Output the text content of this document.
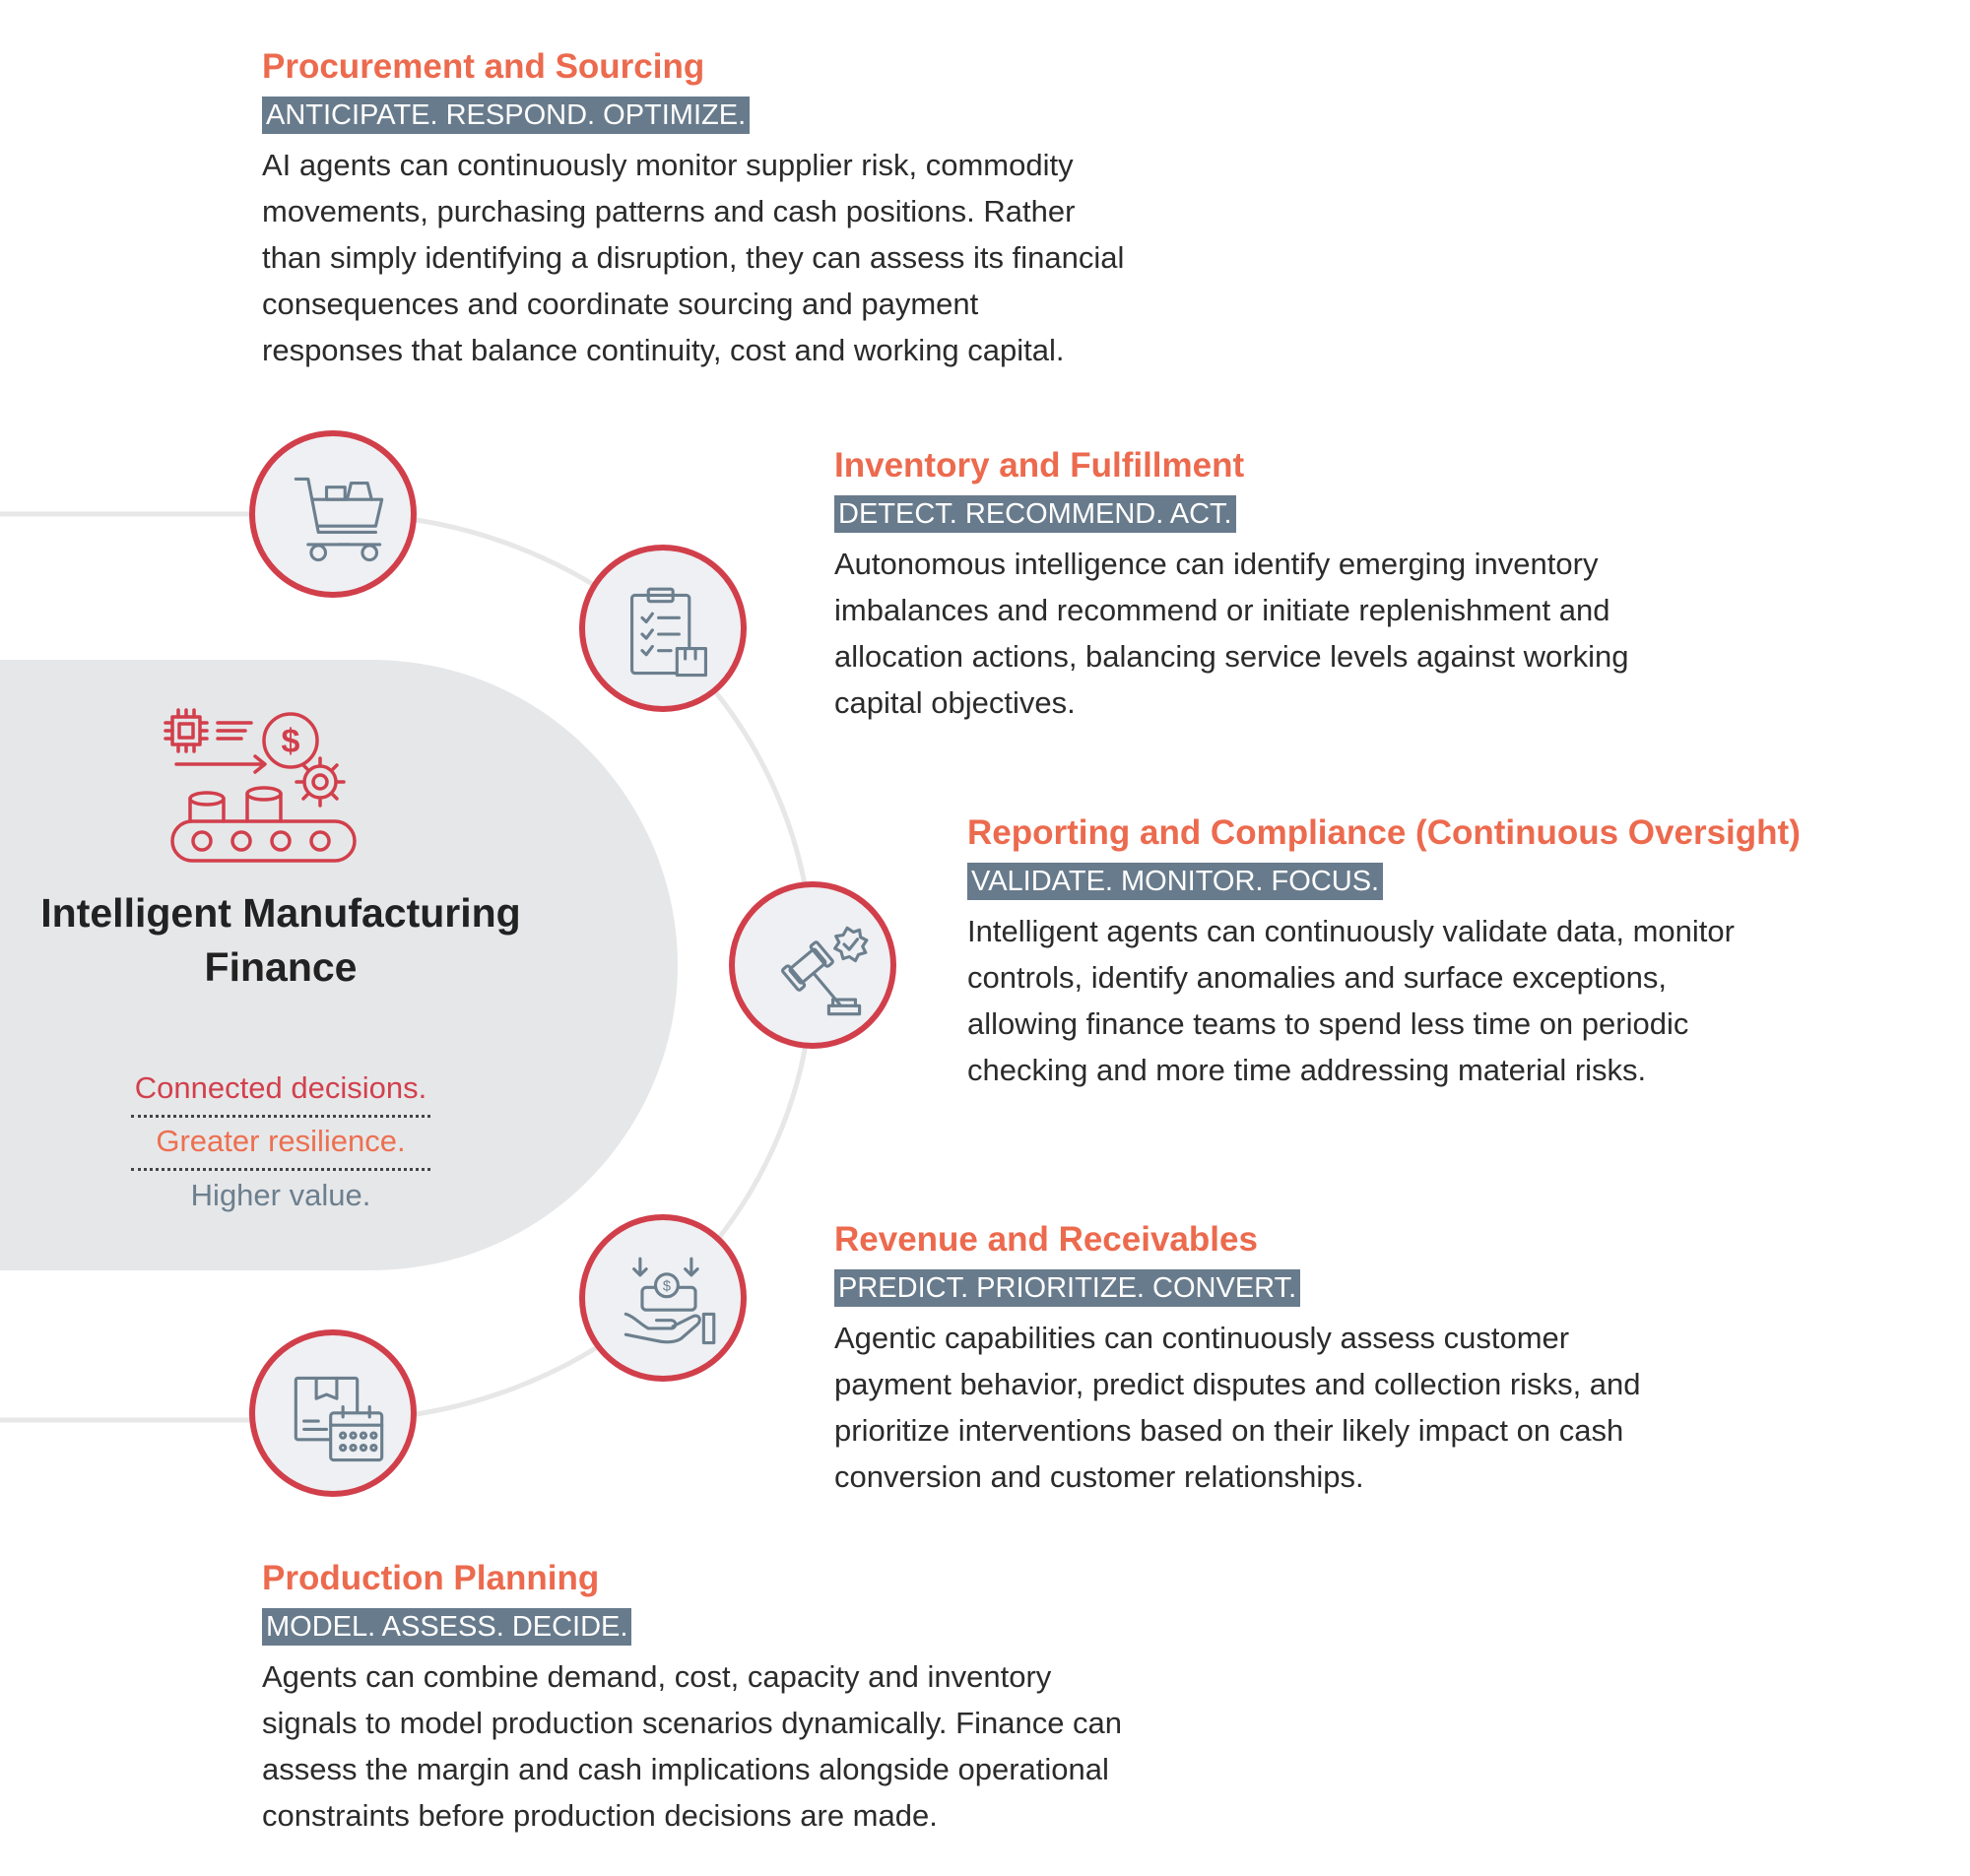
$
Intelligent Manufacturing Finance
Connected decisions.
Greater resilience.
Higher value.
$
Procurement and Sourcing
ANTICIPATE. RESPOND. OPTIMIZE.
AI agents can continuously monitor supplier risk, commodity
movements, purchasing patterns and cash positions. Rather
than simply identifying a disruption, they can assess its financial
consequences and coordinate sourcing and payment
responses that balance continuity, cost and working capital.
Inventory and Fulfillment
DETECT. RECOMMEND. ACT.
Autonomous intelligence can identify emerging inventory
imbalances and recommend or initiate replenishment and
allocation actions, balancing service levels against working
capital objectives.
Reporting and Compliance (Continuous Oversight)
VALIDATE. MONITOR. FOCUS.
Intelligent agents can continuously validate data, monitor
controls, identify anomalies and surface exceptions,
allowing finance teams to spend less time on periodic
checking and more time addressing material risks.
Revenue and Receivables
PREDICT. PRIORITIZE. CONVERT.
Agentic capabilities can continuously assess customer
payment behavior, predict disputes and collection risks, and
prioritize interventions based on their likely impact on cash
conversion and customer relationships.
Production Planning
MODEL. ASSESS. DECIDE.
Agents can combine demand, cost, capacity and inventory
signals to model production scenarios dynamically. Finance can
assess the margin and cash implications alongside operational
constraints before production decisions are made.
